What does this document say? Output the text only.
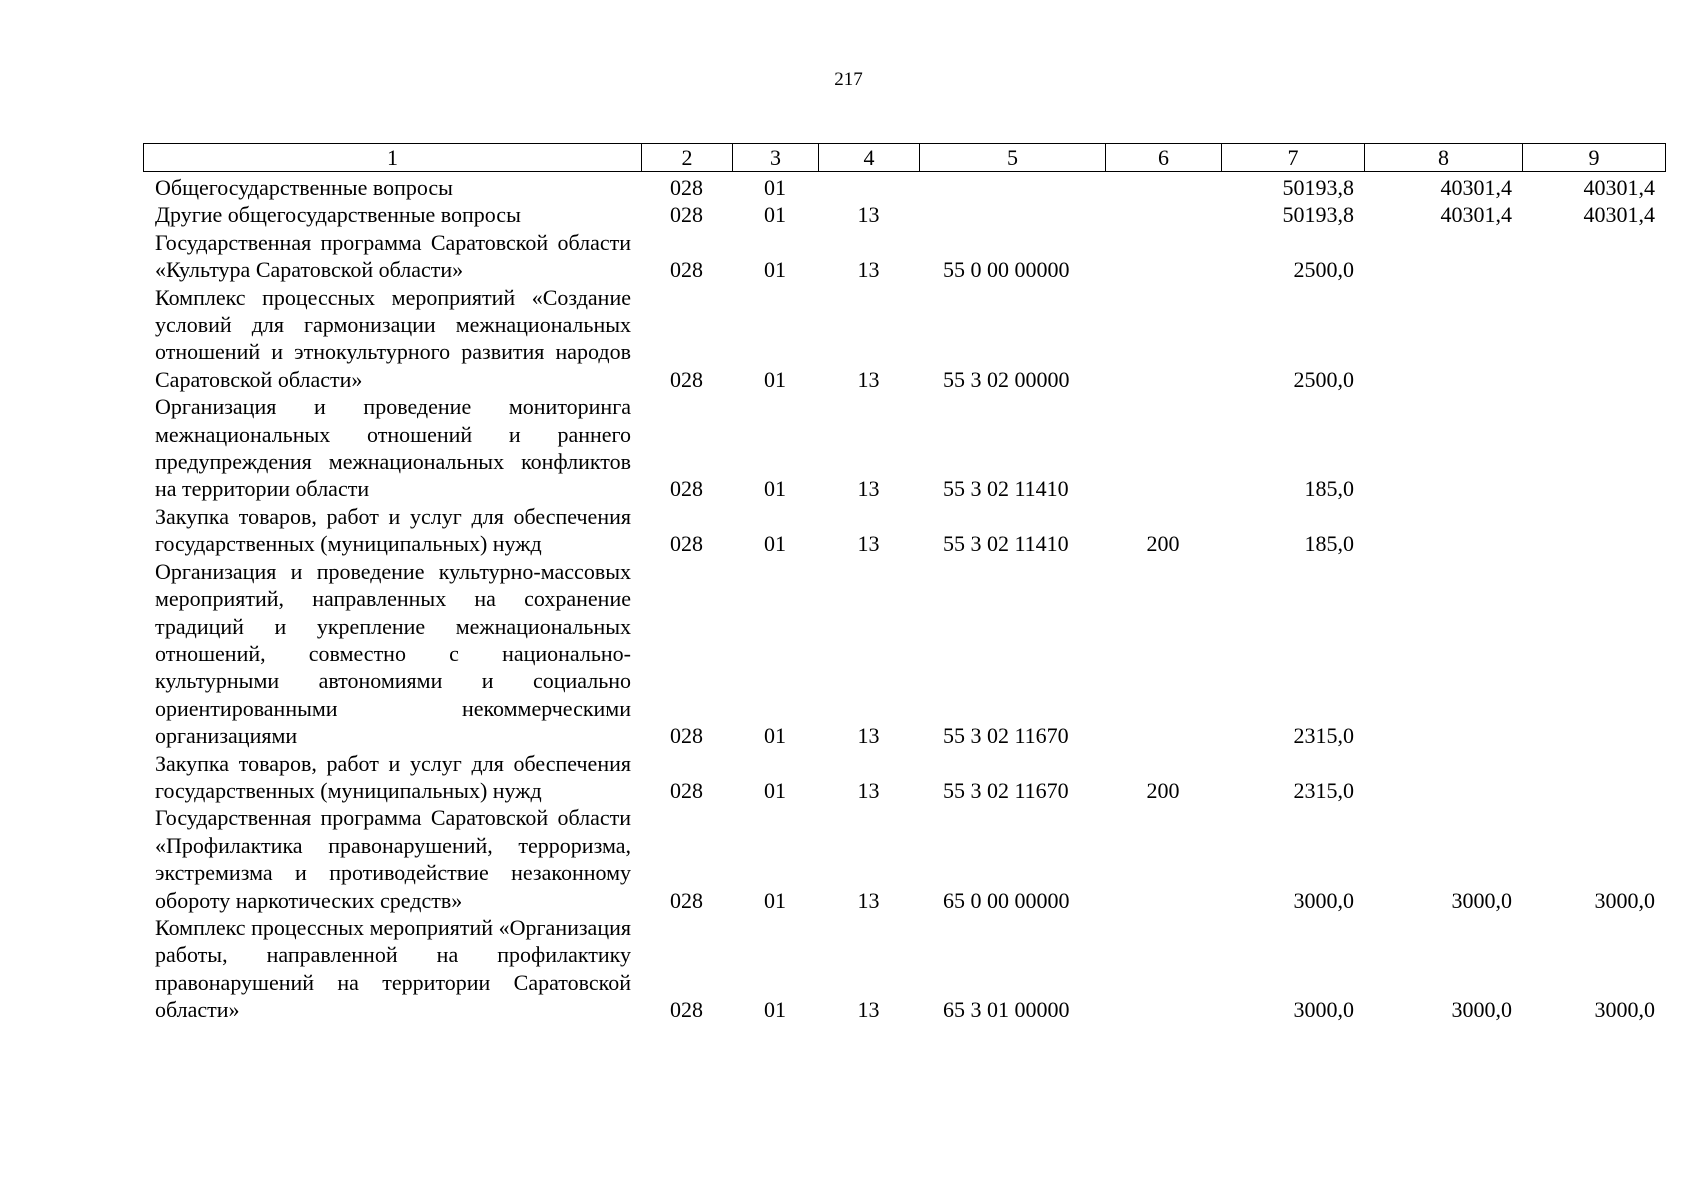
217
1	2	3	4	5	6	7	8	9
Общегосударственные вопросы	028	01				50193,8	40301,4	40301,4
Другие общегосударственные вопросы	028	01	13			50193,8	40301,4	40301,4
Государственная программа Саратовской области «Культура Саратовской области»	028	01	13	55 0 00 00000		2500,0		
Комплекс процессных мероприятий «Создание условий для гармонизации межнациональных отношений и этнокультурного развития народов Саратовской области»	028	01	13	55 3 02 00000		2500,0		
Организация и проведение мониторинга межнациональных отношений и раннего предупреждения межнациональных конфликтов на территории области	028	01	13	55 3 02 11410		185,0		
Закупка товаров, работ и услуг для обеспечения государственных (муниципальных) нужд	028	01	13	55 3 02 11410	200	185,0		
Организация и проведение культурно-массовых мероприятий, направленных на сохранение традиций и укрепление межнациональных отношений, совместно с национально-культурными автономиями и социально ориентированными некоммерческими организациями	028	01	13	55 3 02 11670		2315,0		
Закупка товаров, работ и услуг для обеспечения государственных (муниципальных) нужд	028	01	13	55 3 02 11670	200	2315,0		
Государственная программа Саратовской области «Профилактика правонарушений, терроризма, экстремизма и противодействие незаконному обороту наркотических средств»	028	01	13	65 0 00 00000		3000,0	3000,0	3000,0
Комплекс процессных мероприятий «Организация работы, направленной на профилактику правонарушений на территории Саратовской области»	028	01	13	65 3 01 00000		3000,0	3000,0	3000,0
